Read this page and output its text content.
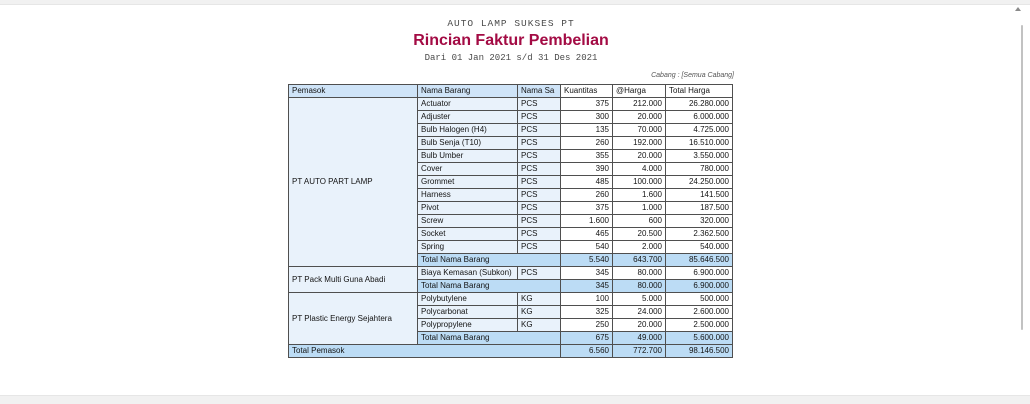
AUTO LAMP SUKSES PT
Rincian Faktur Pembelian
Dari 01 Jan 2021 s/d 31 Des 2021
Cabang : [Semua Cabang]
Pemasok	Nama Barang	Nama Sa	Kuantitas	@Harga	Total Harga
PT AUTO PART LAMP	Actuator	PCS	375	212.000	26.280.000
	Adjuster	PCS	300	20.000	6.000.000
	Bulb Halogen (H4)	PCS	135	70.000	4.725.000
	Bulb Senja (T10)	PCS	260	192.000	16.510.000
	Bulb Umber	PCS	355	20.000	3.550.000
	Cover	PCS	390	4.000	780.000
	Grommet	PCS	485	100.000	24.250.000
	Harness	PCS	260	1.600	141.500
	Pivot	PCS	375	1.000	187.500
	Screw	PCS	1.600	600	320.000
	Socket	PCS	465	20.500	2.362.500
	Spring	PCS	540	2.000	540.000
	Total Nama Barang		5.540	643.700	85.646.500
PT Pack Multi Guna Abadi	Biaya Kemasan (Subkon)	PCS	345	80.000	6.900.000
	Total Nama Barang		345	80.000	6.900.000
PT Plastic Energy Sejahtera	Polybutylene	KG	100	5.000	500.000
	Polycarbonat	KG	325	24.000	2.600.000
	Polypropylene	KG	250	20.000	2.500.000
	Total Nama Barang		675	49.000	5.600.000
Total Pemasok			6.560	772.700	98.146.500
